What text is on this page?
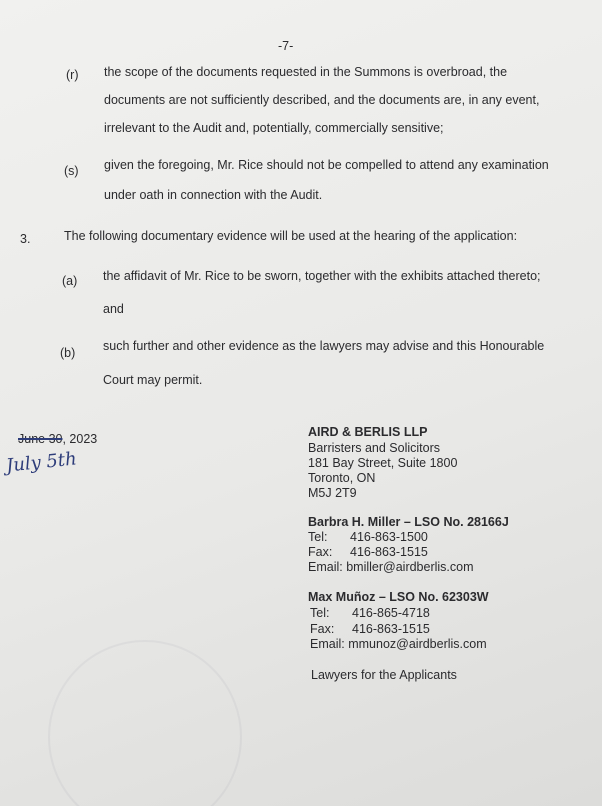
-7-
(r) the scope of the documents requested in the Summons is overbroad, the
documents are not sufficiently described, and the documents are, in any event,
irrelevant to the Audit and, potentially, commercially sensitive;
(s) given the foregoing, Mr. Rice should not be compelled to attend any examination
under oath in connection with the Audit.
3.	The following documentary evidence will be used at the hearing of the application:
(a) the affidavit of Mr. Rice to be sworn, together with the exhibits attached thereto;
and
(b) such further and other evidence as the lawyers may advise and this Honourable
Court may permit.
June 30, 2023
July 5th
AIRD & BERLIS LLP
Barristers and Solicitors
181 Bay Street, Suite 1800
Toronto, ON
M5J 2T9
Barbra H. Miller – LSO No. 28166J
Tel: 416-863-1500
Fax: 416-863-1515
Email: bmiller@airdberlis.com
Max Muñoz – LSO No. 62303W
Tel: 416-865-4718
Fax: 416-863-1515
Email: mmunoz@airdberlis.com
Lawyers for the Applicants
